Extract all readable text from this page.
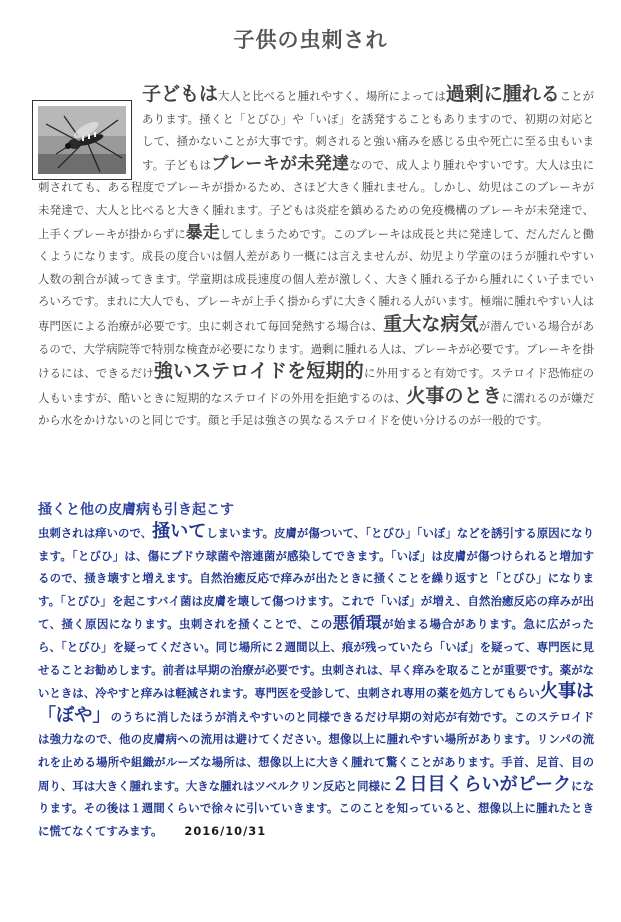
子供の虫刺され

子どもは大人と比べると腫れやすく、場所によっては過剰に腫れることがあります。掻くと「とびひ」や「いぼ」を誘発することもありますので、初期の対応として、掻かないことが大事です。刺されると強い痛みを感じる虫や死亡に至る虫もいます。子どもはブレーキが未発達なので、成人より腫れやすいです。大人は虫に刺されても、ある程度でブレーキが掛かるため、さほど大きく腫れません。しかし、幼児はこのブレーキが未発達で、大人と比べると大きく腫れます。子どもは炎症を鎮めるための免疫機構のブレーキが未発達で、上手くブレーキが掛からずに暴走してしまうためです。このブレーキは成長と共に発達して、だんだんと働くようになります。成長の度合いは個人差があり一概には言えませんが、幼児より学童のほうが腫れやすい人数の割合が減ってきます。学童期は成長速度の個人差が激しく、大きく腫れる子から腫れにくい子までいろいろです。まれに大人でも、ブレーキが上手く掛からずに大きく腫れる人がいます。極端に腫れやすい人は専門医による治療が必要です。虫に刺されて毎回発熱する場合は、重大な病気が潜んでいる場合があるので、大学病院等で特別な検査が必要になります。過剰に腫れる人は、ブレーキが必要です。ブレーキを掛けるには、できるだけ強いステロイドを短期的に外用すると有効です。ステロイド恐怖症の人もいますが、酷いときに短期的なステロイドの外用を拒絶するのは、火事のときに濡れるのが嫌だから水をかけないのと同じです。顔と手足は強さの異なるステロイドを使い分けるのが一般的です。

掻くと他の皮膚病も引き起こす

虫刺されは痒いので、掻いてしまいます。皮膚が傷ついて、「とびひ」「いぼ」などを誘引する原因になります。「とびひ」は、傷にブドウ球菌や溶連菌が感染してできます。「いぼ」は皮膚が傷つけられると増加するので、掻き壊すと増えます。自然治癒反応で痒みが出たときに掻くことを繰り返すと「とびひ」になります。「とびひ」を起こすバイ菌は皮膚を壊して傷つけます。これで「いぼ」が増え、自然治癒反応の痒みが出て、掻く原因になります。虫刺されを掻くことで、この悪循環が始まる場合があります。急に広がったら、「とびひ」を疑ってください。同じ場所に２週間以上、痕が残っていたら「いぼ」を疑って、専門医に見せることお勧めします。前者は早期の治療が必要です。虫刺されは、早く痒みを取ることが重要です。薬がないときは、冷やすと痒みは軽減されます。専門医を受診して、虫刺され専用の薬を処方してもらい火事は「ぼや」のうちに消したほうが消えやすいのと同様できるだけ早期の対応が有効です。このステロイドは強力なので、他の皮膚病への流用は避けてください。想像以上に腫れやすい場所があります。リンパの流れを止める場所や組織がルーズな場所は、想像以上に大きく腫れて驚くことがあります。手首、足首、目の周り、耳は大きく腫れます。大きな腫れはツベルクリン反応と同様に２日目くらいがピークになります。その後は１週間くらいで徐々に引いていきます。このことを知っていると、想像以上に腫れたときに慌てなくてすみます。 2016/10/31
